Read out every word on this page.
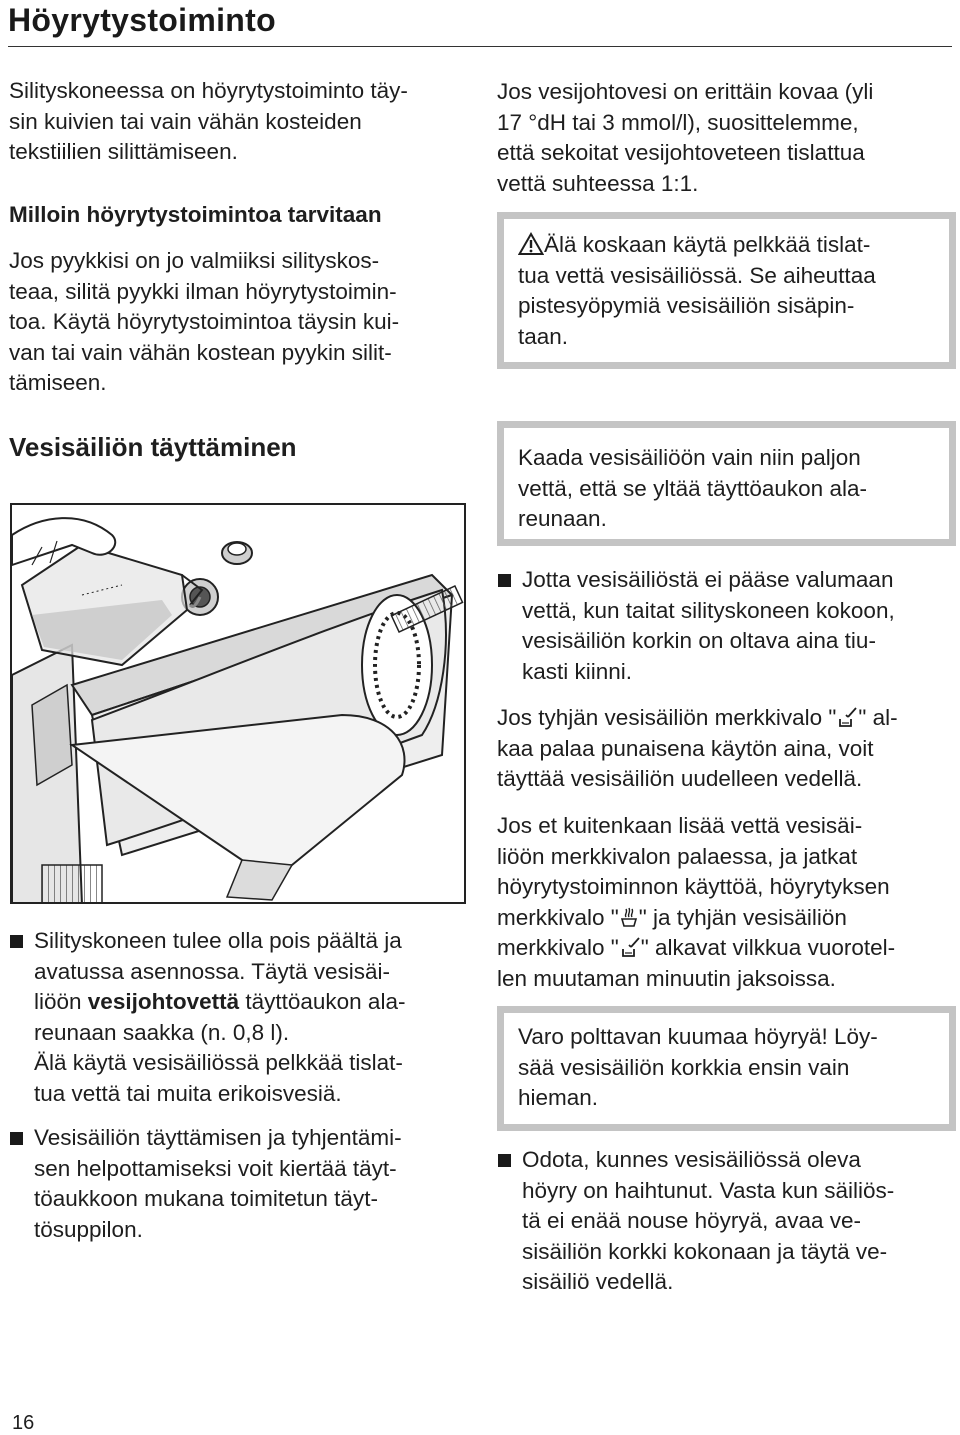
Höyrytystoiminto

Silityskoneessa on höyrytystoiminto täy-
sin kuivien tai vain vähän kosteiden
tekstiilien silittämiseen.

Milloin höyrytystoimintoa tarvitaan

Jos pyykkisi on jo valmiiksi silityskos-
teaa, silitä pyykki ilman höyrytystoimin-
toa. Käytä höyrytystoimintoa täysin kui-
van tai vain vähän kostean pyykin silit-
tämiseen.

Vesisäiliön täyttäminen

Silityskoneen tulee olla pois päältä ja
avatussa asennossa. Täytä vesisäi-
liöön vesijohtovettä täyttöaukon ala-
reunaan saakka (n. 0,8 l).
Älä käytä vesisäiliössä pelkkää tislat-
tua vettä tai muita erikoisvesiä.

Vesisäiliön täyttämisen ja tyhjentämi-
sen helpottamiseksi voit kiertää täyt-
töaukkoon mukana toimitetun täyt-
tösuppilon.

Jos vesijohtovesi on erittäin kovaa (yli
17 °dH tai 3 mmol/l), suosittelemme,
että sekoitat vesijohtoveteen tislattua
vettä suhteessa 1:1.

Älä koskaan käytä pelkkää tislat-
tua vettä vesisäiliössä. Se aiheuttaa
pistesyöpymiä vesisäiliön sisäpin-
taan.

Kaada vesisäiliöön vain niin paljon
vettä, että se yltää täyttöaukon ala-
reunaan.

Jotta vesisäiliöstä ei pääse valumaan
vettä, kun taitat silityskoneen kokoon,
vesisäiliön korkin on oltava aina tiu-
kasti kiinni.

Jos tyhjän vesisäiliön merkkivalo " " al-
kaa palaa punaisena käytön aina, voit
täyttää vesisäiliön uudelleen vedellä.

Jos et kuitenkaan lisää vettä vesisäi-
liöön merkkivalon palaessa, ja jatkat
höyrytystoiminnon käyttöä, höyrytyksen
merkkivalo " " ja tyhjän vesisäiliön
merkkivalo " " alkavat vilkkua vuorotel-
len muutaman minuutin jaksoissa.

Varo polttavan kuumaa höyryä! Löy-
sää vesisäiliön korkkia ensin vain
hieman.

Odota, kunnes vesisäiliössä oleva
höyry on haihtunut. Vasta kun säiliös-
tä ei enää nouse höyryä, avaa ve-
sisäiliön korkki kokonaan ja täytä ve-
sisäiliö vedellä.

16
